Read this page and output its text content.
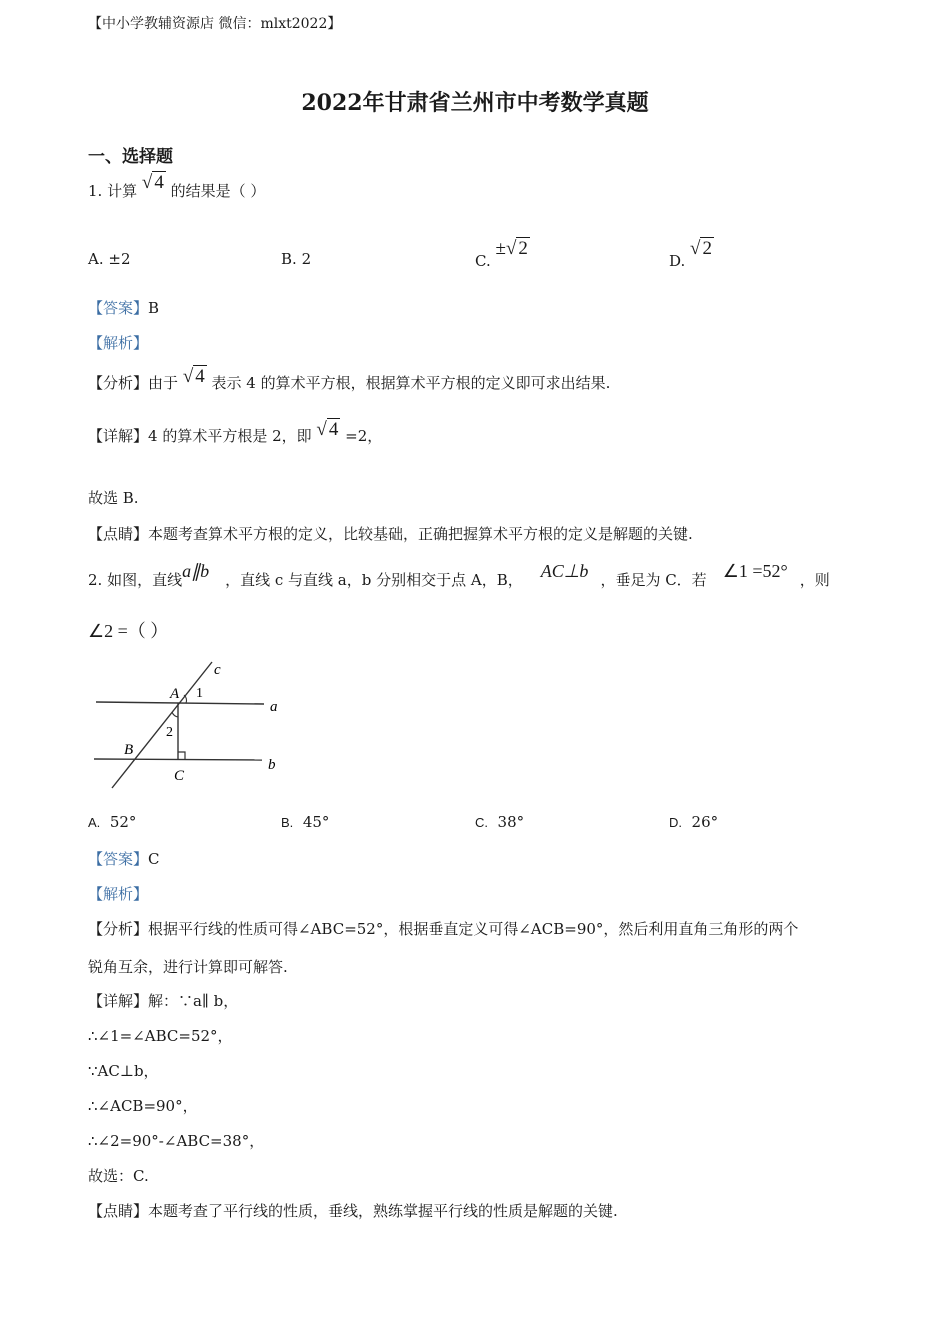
【中小学教辅资源店 微信：mlxt2022】
2022年甘肃省兰州市中考数学真题
一、选择题
1. 计算 √ 4 的结果是（ ）
A. ±2	B. 2	C. ±√ 2
D. √ 2
【答案】B
【解析】
【分析】由于 √ 4 表示 4 的算术平方根，根据算术平方根的定义即可求出结果.
【详解】4 的算术平方根是 2，即 √ 4 =2，
故选 B.
【点睛】本题考查算术平方根的定义，比较基础，正确把握算术平方根的定义是解题的关键.
2. 如图，直线a∥b ，直线 c 与直线 a，b 分别相交于点 A，B， AC⊥b ，垂足为 C．若 ∠1 =52° ，则
∠2 =（ ）
c
a
b
A
B
C
1
2
A. 52°	B. 45°	C. 38°	D. 26°
【答案】C
【解析】
【分析】根据平行线的性质可得∠ABC=52°，根据垂直定义可得∠ACB=90°，然后利用直角三角形的两个
锐角互余，进行计算即可解答.
【详解】解：∵a∥ b，
∴∠1=∠ABC=52°，
∵AC⊥b，
∴∠ACB=90°，
∴∠2=90°-∠ABC=38°，
故选：C.
【点睛】本题考查了平行线的性质，垂线，熟练掌握平行线的性质是解题的关键.
